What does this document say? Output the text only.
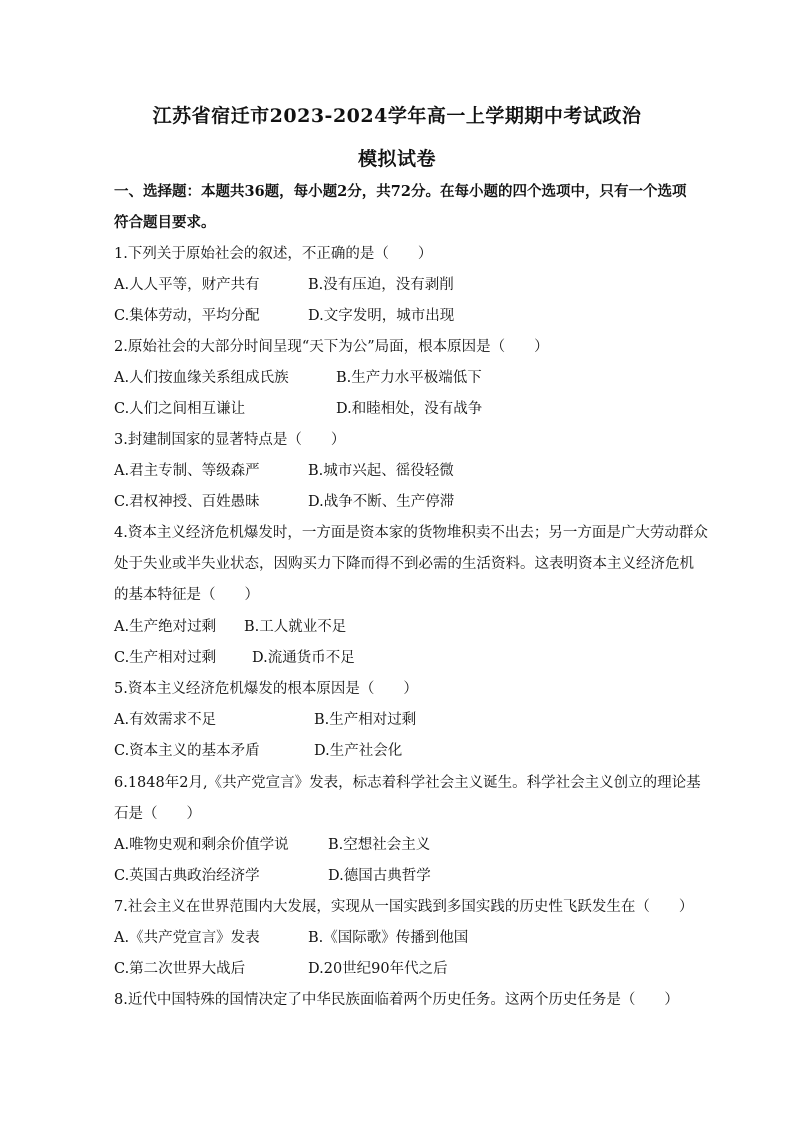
江苏省宿迁市2023-2024学年高一上学期期中考试政治
模拟试卷
一、选择题：本题共36题，每小题2分，共72分。在每小题的四个选项中，只有一个选项
符合题目要求。
1.下列关于原始社会的叙述，不正确的是（　　）
A.人人平等，财产共有	B.没有压迫，没有剥削
C.集体劳动，平均分配	D.文字发明，城市出现
2.原始社会的大部分时间呈现“天下为公”局面，根本原因是（　　）
A.人们按血缘关系组成氏族	B.生产力水平极端低下
C.人们之间相互谦让	D.和睦相处，没有战争
3.封建制国家的显著特点是（　　）
A.君主专制、等级森严	B.城市兴起、徭役轻微
C.君权神授、百姓愚昧	D.战争不断、生产停滞
4.资本主义经济危机爆发时，一方面是资本家的货物堆积卖不出去；另一方面是广大劳动群众
处于失业或半失业状态，因购买力下降而得不到必需的生活资料。这表明资本主义经济危机
的基本特征是（　　）
A.生产绝对过剩 B.工人就业不足
C.生产相对过剩 D.流通货币不足
5.资本主义经济危机爆发的根本原因是（　　）
A.有效需求不足	B.生产相对过剩
C.资本主义的基本矛盾	D.生产社会化
6.1848年2月,《共产党宣言》发表，标志着科学社会主义诞生。科学社会主义创立的理论基
石是（　　）
A.唯物史观和剩余价值学说	B.空想社会主义
C.英国古典政治经济学	D.德国古典哲学
7.社会主义在世界范围内大发展，实现从一国实践到多国实践的历史性飞跃发生在（　　）
A.《共产党宣言》发表	B.《国际歌》传播到他国
C.第二次世界大战后	D.20世纪90年代之后
8.近代中国特殊的国情决定了中华民族面临着两个历史任务。这两个历史任务是（　　）
